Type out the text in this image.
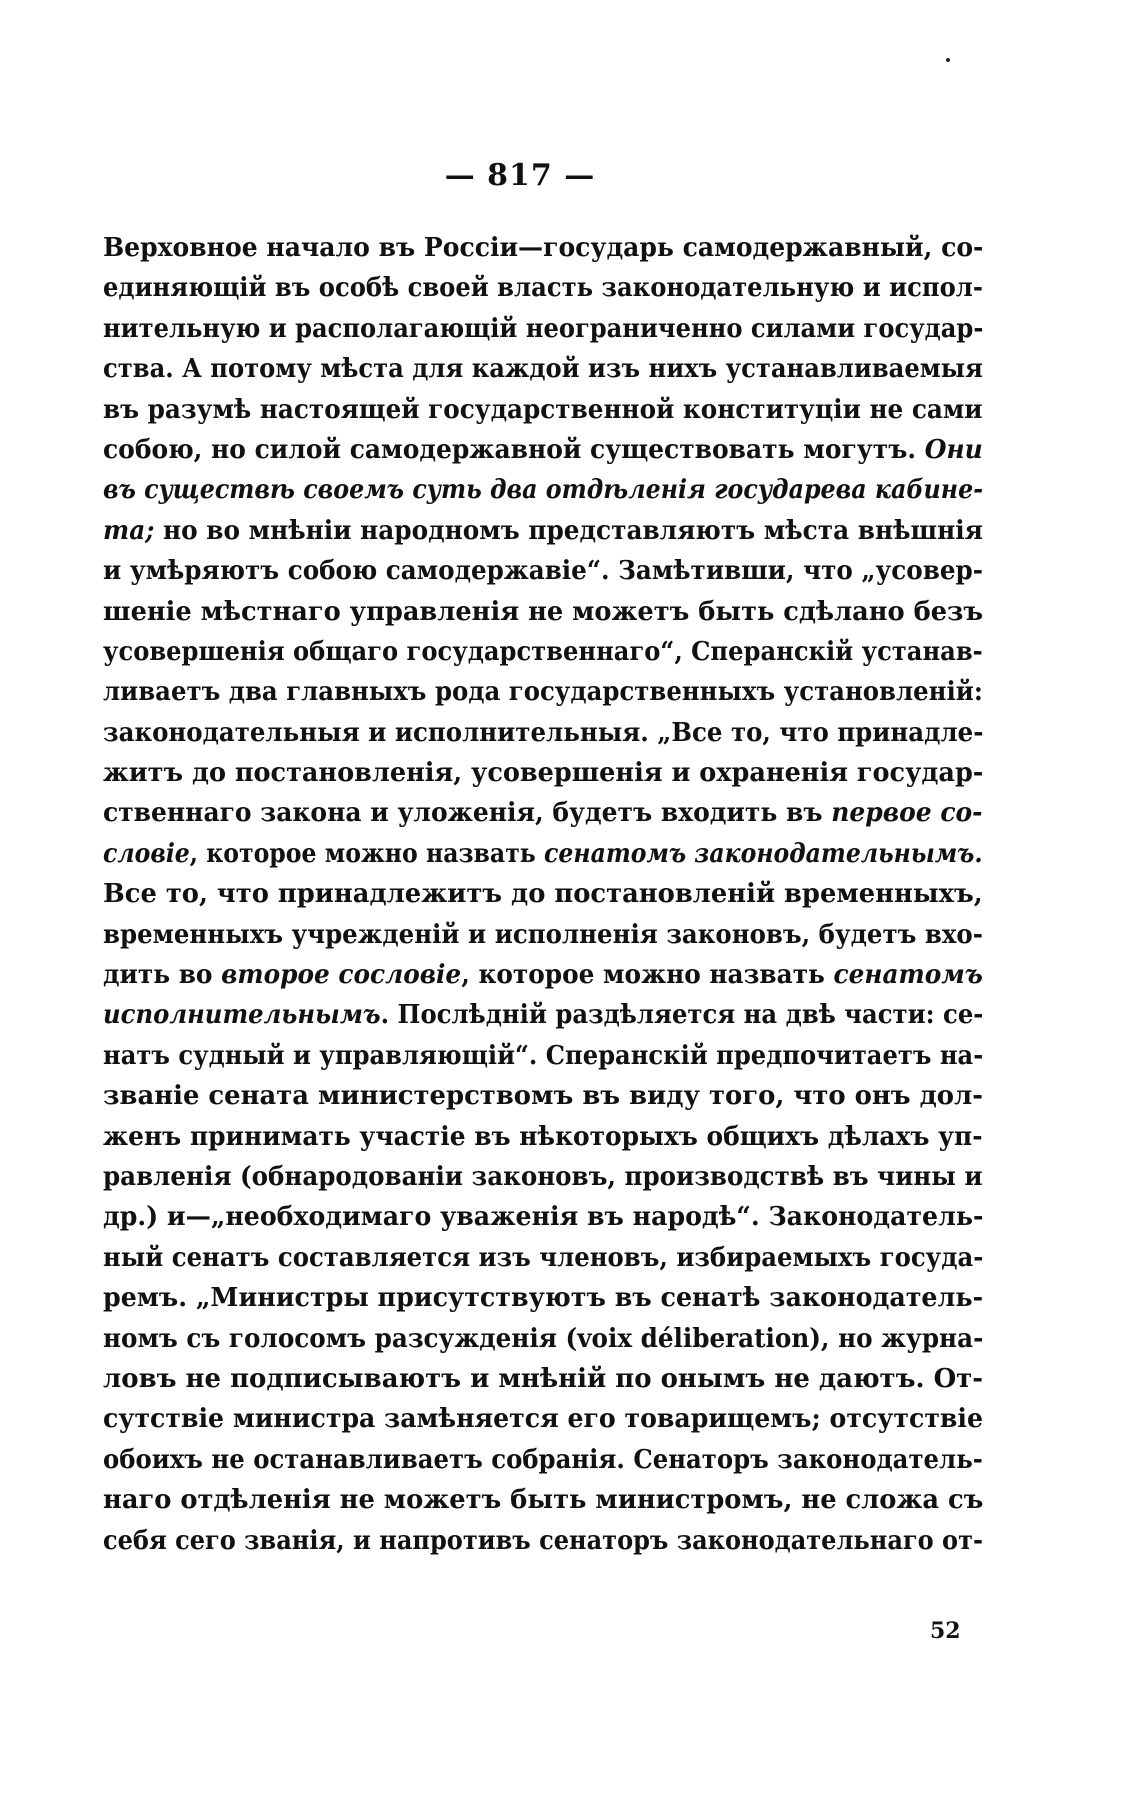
— 817 —
Верховное начало въ Россіи—государь самодержавный, со-
единяющій въ особѣ своей власть законодательную и испол-
нительную и располагающій неограниченно силами государ-
ства. А потому мѣста для каждой изъ нихъ устанавливаемыя
въ разумѣ настоящей государственной конституціи не сами
собою, но силой самодержавной существовать могутъ. Они
въ существѣ своемъ суть два отдѣленія государева кабине-
та; но во мнѣніи народномъ представляютъ мѣста внѣшнія
и умѣряютъ собою самодержавіе“. Замѣтивши, что „усовер-
шеніе мѣстнаго управленія не можетъ быть сдѣлано безъ
усовершенія общаго государственнаго“, Сперанскій устанав-
ливаетъ два главныхъ рода государственныхъ установленій:
законодательныя и исполнительныя. „Все то, что принадле-
житъ до постановленія, усовершенія и охраненія государ-
ственнаго закона и уложенія, будетъ входить въ первое со-
словіе, которое можно назвать сенатомъ законодательнымъ.
Все то, что принадлежитъ до постановленій временныхъ,
временныхъ учрежденій и исполненія законовъ, будетъ вхо-
дить во второе сословіе, которое можно назвать сенатомъ
исполнительнымъ. Послѣдній раздѣляется на двѣ части: се-
натъ судный и управляющій“. Сперанскій предпочитаетъ на-
званіе сената министерствомъ въ виду того, что онъ дол-
женъ принимать участіе въ нѣкоторыхъ общихъ дѣлахъ уп-
равленія (обнародованіи законовъ, производствѣ въ чины и
др.) и—„необходимаго уваженія въ народѣ“. Законодатель-
ный сенатъ составляется изъ членовъ, избираемыхъ госуда-
ремъ. „Министры присутствуютъ въ сенатѣ законодатель-
номъ съ голосомъ разсужденія (voix déliberation), но журна-
ловъ не подписываютъ и мнѣній по онымъ не даютъ. От-
сутствіе министра замѣняется его товарищемъ; отсутствіе
обоихъ не останавливаетъ собранія. Сенаторъ законодатель-
наго отдѣленія не можетъ быть министромъ, не сложа съ
себя сего званія, и напротивъ сенаторъ законодательнаго от-
52
